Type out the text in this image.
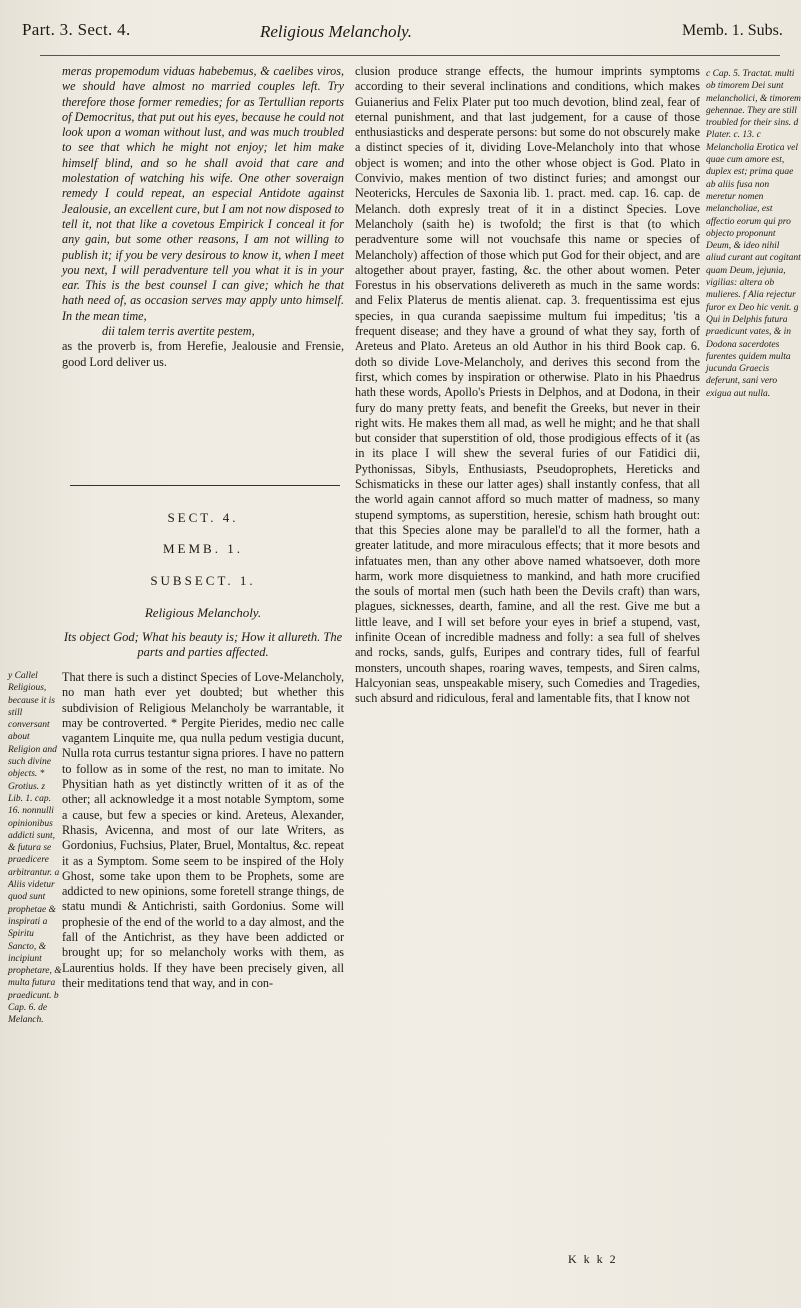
Part. 3. Sect. 4.	Religious Melancholy.	Memb. 1. Subs.

meras propemodum viduas habebemus, & caelibes viros, we should have almost no married couples left. Try therefore those former remedies; for as Tertullian reports of Democritus, that put out his eyes, because he could not look upon a woman without lust, and was much troubled to see that which he might not enjoy; let him make himself blind, and so he shall avoid that care and molestation of watching his wife. One other soveraign remedy I could repeat, an especial Antidote against Jealousie, an excellent cure, but I am not now disposed to tell it, not that like a covetous Empirick I conceal it for any gain, but some other reasons, I am not willing to publish it; if you be very desirous to know it, when I meet you next, I will peradventure tell you what it is in your ear. This is the best counsel I can give; which he that hath need of, as occasion serves may apply unto himself. In the mean time,

dii talem terris avertite pestem,

as the proverb is, from Herefie, Jealousie and Frensie, good Lord deliver us.

SECT. 4.
MEMB. 1.
SUBSECT. 1.
Religious Melancholy.
Its object God; What his beauty is; How it allureth. The parts and parties affected.

That there is such a distinct Species of Love-Melancholy, no man hath ever yet doubted; but whether this subdivision of Religious Melancholy be warrantable, it may be controverted. * Pergite Pierides, medio nec calle vagantem Linquite me, qua nulla pedum vestigia ducunt, Nulla rota currus testantur signa priores. I have no pattern to follow as in some of the rest, no man to imitate. No Physitian hath as yet distinctly written of it as of the other; all acknowledge it a most notable Symptom, some a cause, but few a species or kind. Areteus, Alexander, Rhasis, Avicenna, and most of our late Writers, as Gordonius, Fuchsius, Plater, Bruel, Montaltus, &c. repeat it as a Symptom. Some seem to be inspired of the Holy Ghost, some take upon them to be Prophets, some are addicted to new opinions, some foretell strange things, de statu mundi & Antichristi, saith Gordonius. Some will prophesie of the end of the world to a day almost, and the fall of the Antichrist, as they have been addicted or brought up; for so melancholy works with them, as Laurentius holds. If they have been precisely given, all their meditations tend that way, and in con-

clusion produce strange effects, the humour imprints symptoms according to their several inclinations and conditions, which makes Guianerius and Felix Plater put too much devotion, blind zeal, fear of eternal punishment, and that last judgement, for a cause of those enthusiasticks and desperate persons: but some do not obscurely make a distinct species of it, dividing Love-Melancholy into that whose object is women; and into the other whose object is God. Plato in Convivio, makes mention of two distinct furies; and amongst our Neotericks, Hercules de Saxonia lib. 1. pract. med. cap. 16. cap. de Melanch. doth expresly treat of it in a distinct Species. Love Melancholy (saith he) is twofold; the first is that (to which peradventure some will not vouchsafe this name or species of Melancholy) affection of those which put God for their object, and are altogether about prayer, fasting, &c. the other about women. Peter Forestus in his observations delivereth as much in the same words: and Felix Platerus de mentis alienat. cap. 3. frequentissima est ejus species, in qua curanda saepissime multum fui impeditus; 'tis a frequent disease; and they have a ground of what they say, forth of Areteus and Plato. Areteus an old Author in his third Book cap. 6. doth so divide Love-Melancholy, and derives this second from the first, which comes by inspiration or otherwise. Plato in his Phaedrus hath these words, Apollo's Priests in Delphos, and at Dodona, in their fury do many pretty feats, and benefit the Greeks, but never in their right wits. He makes them all mad, as well he might; and he that shall but consider that superstition of old, those prodigious effects of it (as in its place I will shew the several furies of our Fatidici dii, Pythonissas, Sibyls, Enthusiasts, Pseudoprophets, Hereticks and Schismaticks in these our latter ages) shall instantly confess, that all the world again cannot afford so much matter of madness, so many stupend symptoms, as superstition, heresie, schism hath brought out: that this Species alone may be parallel'd to all the former, hath a greater latitude, and more miraculous effects; that it more besots and infatuates men, than any other above named whatsoever, doth more harm, work more disquietness to mankind, and hath more crucified the souls of mortal men (such hath been the Devils craft) than wars, plagues, sicknesses, dearth, famine, and all the rest. Give me but a little leave, and I will set before your eyes in brief a stupend, vast, infinite Ocean of incredible madness and folly: a sea full of shelves and rocks, sands, gulfs, Euripes and contrary tides, full of fearful monsters, uncouth shapes, roaring waves, tempests, and Siren calms, Halcyonian seas, unspeakable misery, such Comedies and Tragedies, such absurd and ridiculous, feral and lamentable fits, that I know not

y Callel Religious, because it is still conversant about Religion and such divine objects. * Grotius. z Lib. 1. cap. 16. nonnulli opinionibus addicti sunt, & futura se praedicere arbitrantur. a Aliis videtur quod sunt prophetae & inspirati a Spiritu Sancto, & incipiunt prophetare, & multa futura praedicunt. b Cap. 6. de Melanch.
c Cap. 5. Tractat. multi ob timorem Dei sunt melancholici, & timorem gehennae. They are still troubled for their sins. d Plater. c. 13. c Melancholia Erotica vel quae cum amore est, duplex est; prima quae ab aliis fusa non meretur nomen melancholiae, est affectio eorum qui pro objecto proponunt Deum, & ideo nihil aliud curant aut cogitant quam Deum, jejunia, vigilias: altera ob mulieres. f Alia rejectur furor ex Deo hic venit. g Qui in Delphis futura praedicunt vates, & in Dodona sacerdotes furentes quidem multa jucunda Graecis deferunt, sani vero exigua aut nulla.
K k k 2
